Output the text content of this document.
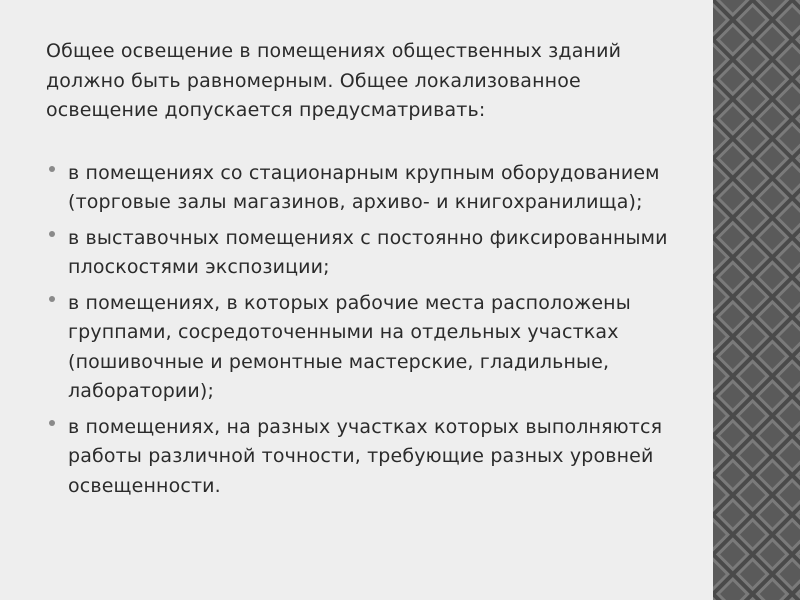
Общее освещение в помещениях общественных зданий должно быть равномерным. Общее локализованное освещение допускается предусматривать:

в помещениях со стационарным крупным оборудованием (торговые залы магазинов, архиво- и книгохранилища);
в выставочных помещениях с постоянно фиксированными плоскостями экспозиции;
в помещениях, в которых рабочие места расположены группами, сосредоточенными на отдельных участках (пошивочные и ремонтные мастерские, гладильные, лаборатории);
в помещениях, на разных участках которых выполняются работы различной точности, требующие разных уровней освещенности.
